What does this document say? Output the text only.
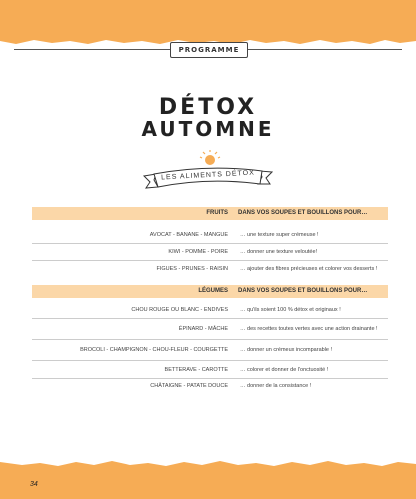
PROGRAMME
DÉTOX
AUTOMNE
LES ALIMENTS DÉTOX
FRUITS DANS VOS SOUPES ET BOUILLONS POUR…
AVOCAT - BANANE - MANGUE … une texture super crémeuse !
KIWI - POMME - POIRE … donner une texture veloutée!
FIGUES - PRUNES - RAISIN … ajouter des fibres précieuses et colorer vos desserts !
LÉGUMES DANS VOS SOUPES ET BOUILLONS POUR…
CHOU ROUGE OU BLANC - ENDIVES … qu'ils soient 100 % détox et originaux !
ÉPINARD - MÂCHE … des recettes toutes vertes avec une action drainante !
BROCOLI - CHAMPIGNON - CHOU-FLEUR - COURGETTE … donner un crémeux incomparable !
BETTERAVE - CAROTTE … colorer et donner de l'onctuosité !
CHÂTAIGNE - PATATE DOUCE … donner de la consistance !
34
